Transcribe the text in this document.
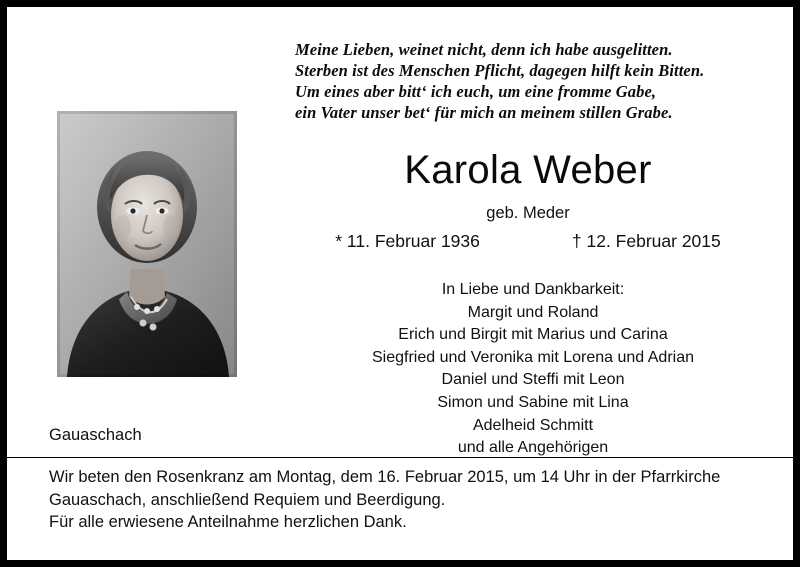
Meine Lieben, weinet nicht, denn ich habe ausgelitten.
Sterben ist des Menschen Pflicht, dagegen hilft kein Bitten.
Um eines aber bitt‘ ich euch, um eine fromme Gabe,
ein Vater unser bet‘ für mich an meinem stillen Grabe.
Karola Weber
geb. Meder
* 11. Februar 1936	† 12. Februar 2015
In Liebe und Dankbarkeit:
Margit und Roland
Erich und Birgit mit Marius und Carina
Siegfried und Veronika mit Lorena und Adrian
Daniel und Steffi mit Leon
Simon und Sabine mit Lina
Adelheid Schmitt
und alle Angehörigen
Gauaschach
Wir beten den Rosenkranz am Montag, dem 16. Februar 2015, um 14 Uhr in der Pfarrkirche
Gauaschach, anschließend Requiem und Beerdigung.
Für alle erwiesene Anteilnahme herzlichen Dank.
